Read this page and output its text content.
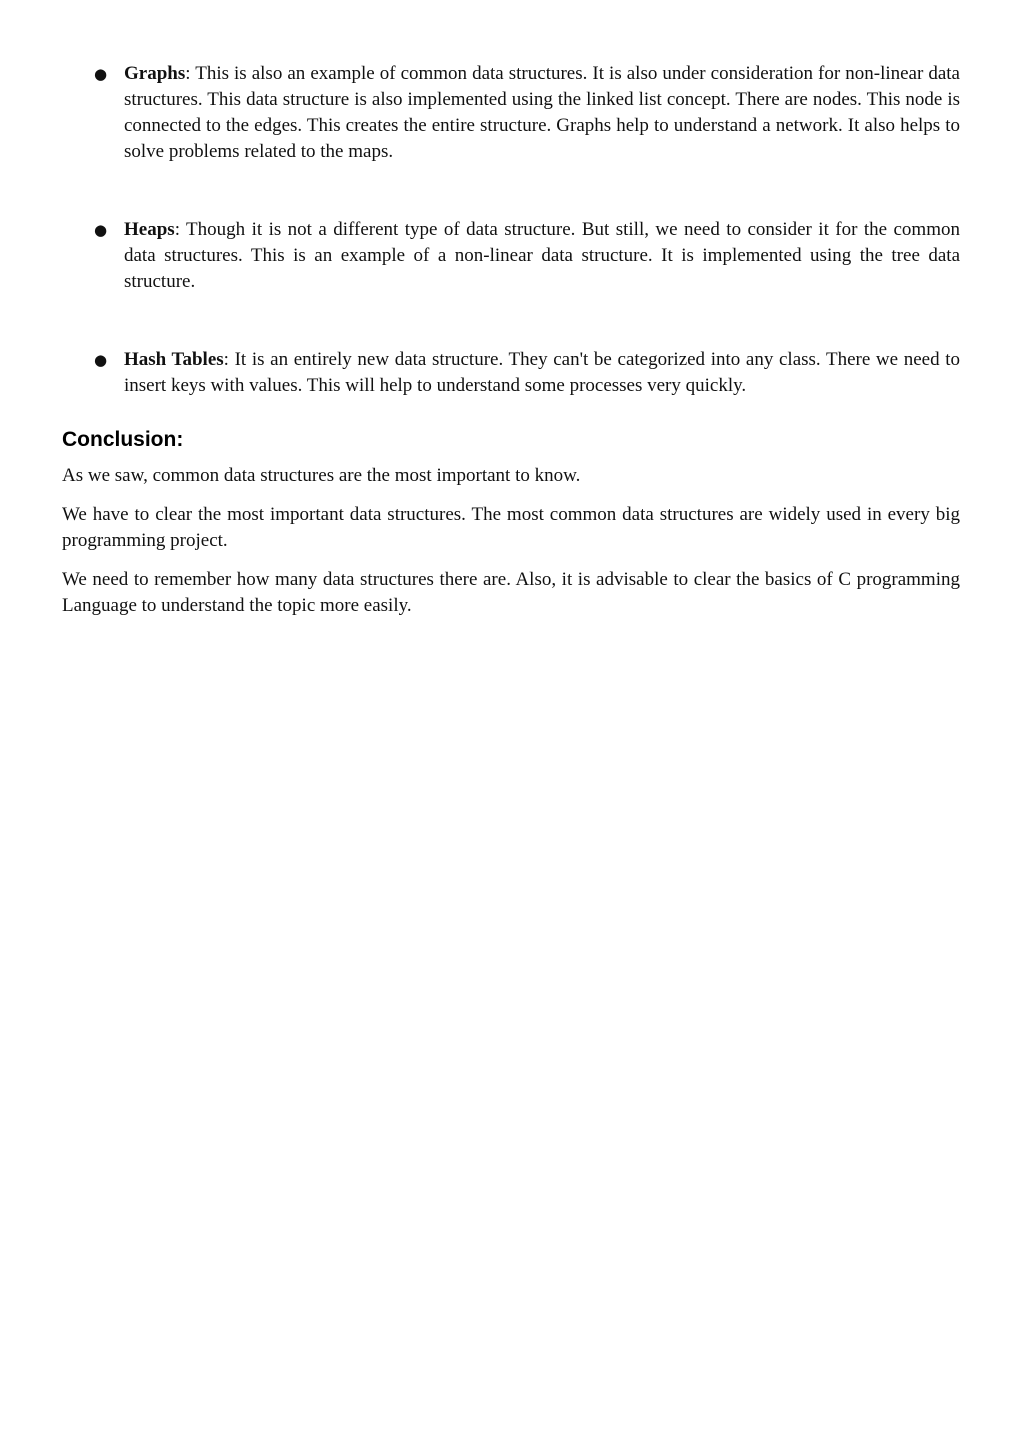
● Graphs: This is also an example of common data structures. It is also under consideration for non-linear data structures. This data structure is also implemented using the linked list concept. There are nodes. This node is connected to the edges. This creates the entire structure. Graphs help to understand a network. It also helps to solve problems related to the maps.
● Heaps: Though it is not a different type of data structure. But still, we need to consider it for the common data structures. This is an example of a non-linear data structure. It is implemented using the tree data structure.
● Hash Tables: It is an entirely new data structure. They can't be categorized into any class. There we need to insert keys with values. This will help to understand some processes very quickly.
Conclusion:

As we saw, common data structures are the most important to know.

We have to clear the most important data structures. The most common data structures are widely used in every big programming project.

We need to remember how many data structures there are. Also, it is advisable to clear the basics of C programming Language to understand the topic more easily.
